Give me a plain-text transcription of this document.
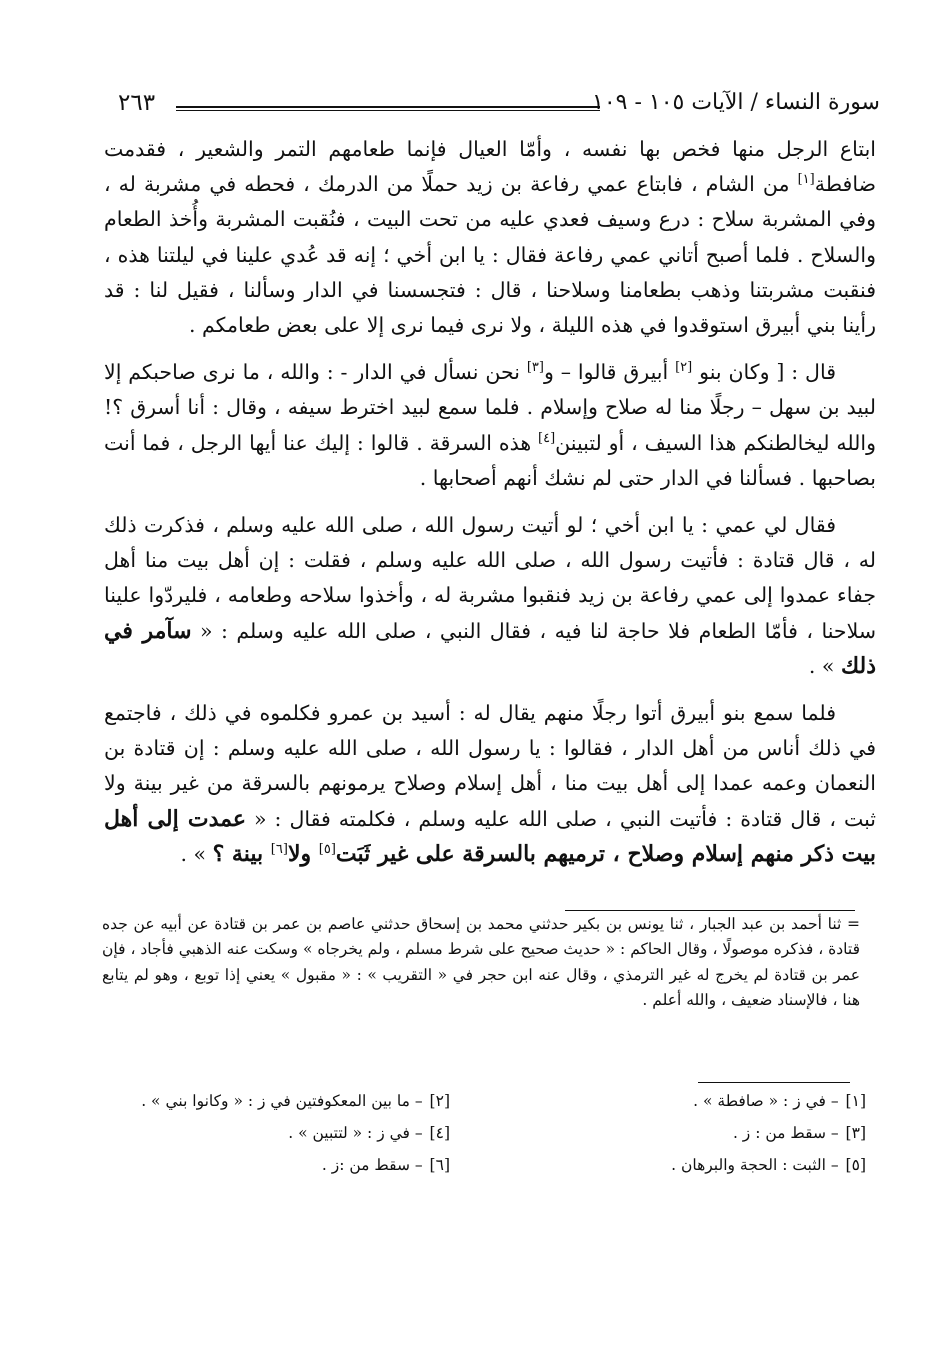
٢٦٣	سورة النساء / الآيات ١٠٥ - ١٠٩

ابتاع الرجل منها فخص بها نفسه ، وأمّا العيال فإنما طعامهم التمر والشعير ، فقدمت ضافطة[١] من الشام ، فابتاع عمي رفاعة بن زيد حملًا من الدرمك ، فحطه في مشربة له ، وفي المشربة سلاح : درع وسيف فعدي عليه من تحت البيت ، فنُقبت المشربة وأُخذ الطعام والسلاح . فلما أصبح أتاني عمي رفاعة فقال : يا ابن أخي ؛ إنه قد عُدي علينا في ليلتنا هذه ، فنقبت مشربتنا وذهب بطعامنا وسلاحنا ، قال : فتجسسنا في الدار وسألنا ، فقيل لنا : قد رأينا بني أبيرق استوقدوا في هذه الليلة ، ولا نرى فيما نرى إلا على بعض طعامكم .

قال : [ وكان بنو [٢] أبيرق قالوا – و[٣] نحن نسأل في الدار - : والله ، ما نرى صاحبكم إلا لبيد بن سهل – رجلًا منا له صلاح وإسلام . فلما سمع لبيد اخترط سيفه ، وقال : أنا أسرق ؟! والله ليخالطنكم هذا السيف ، أو لتبينن[٤] هذه السرقة . قالوا : إليك عنا أيها الرجل ، فما أنت بصاحبها . فسألنا في الدار حتى لم نشك أنهم أصحابها .

فقال لي عمي : يا ابن أخي ؛ لو أتيت رسول الله ، صلى الله عليه وسلم ، فذكرت ذلك له ، قال قتادة : فأتيت رسول الله ، صلى الله عليه وسلم ، فقلت : إن أهل بيت منا أهل جفاء عمدوا إلى عمي رفاعة بن زيد فنقبوا مشربة له ، وأخذوا سلاحه وطعامه ، فليردّوا علينا سلاحنا ، فأمّا الطعام فلا حاجة لنا فيه ، فقال النبي ، صلى الله عليه وسلم : « سآمر في ذلك » .

فلما سمع بنو أبيرق أتوا رجلًا منهم يقال له : أسيد بن عمرو فكلموه في ذلك ، فاجتمع في ذلك أناس من أهل الدار ، فقالوا : يا رسول الله ، صلى الله عليه وسلم : إن قتادة بن النعمان وعمه عمدا إلى أهل بيت منا ، أهل إسلام وصلاح يرمونهم بالسرقة من غير بينة ولا ثبت ، قال قتادة : فأتيت النبي ، صلى الله عليه وسلم ، فكلمته فقال : « عمدت إلى أهل بيت ذكر منهم إسلام وصلاح ، ترميهم بالسرقة على غير ثَبَت[٥] ولا[٦] بينة ؟ » .

= ثنا أحمد بن عبد الجبار ، ثنا يونس بن بكير حدثني محمد بن إسحاق حدثني عاصم بن عمر بن قتادة عن أبيه عن جده قتادة ، فذكره موصولًا ، وقال الحاكم : « حديث صحيح على شرط مسلم ، ولم يخرجاه » وسكت عنه الذهبي فأجاد ، فإن عمر بن قتادة لم يخرج له غير الترمذي ، وقال عنه ابن حجر في « التقريب » : « مقبول » يعني إذا توبع ، وهو لم يتابع هنا ، فالإسناد ضعيف ، والله أعلم .

[١] – في ز : « صافطة » .
[٣] – سقط من : ز .
[٥] – الثبت : الحجة والبرهان .
[٢] – ما بين المعكوفتين في ز : « وكانوا بني » .
[٤] – في ز : « لتتبين » .
[٦] – سقط من :ز .
